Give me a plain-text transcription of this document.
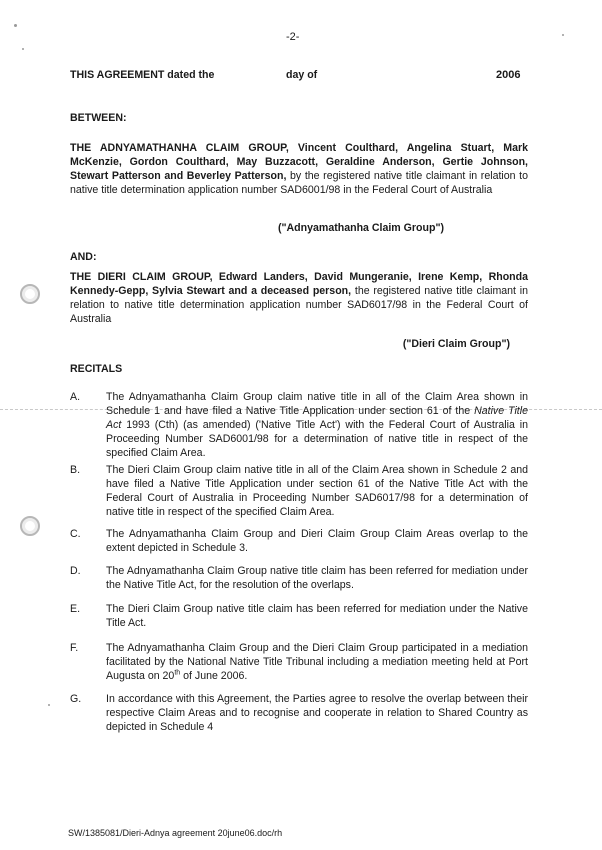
-2-
THIS AGREEMENT dated the	day of	2006
BETWEEN:
THE ADNYAMATHANHA CLAIM GROUP, Vincent Coulthard, Angelina Stuart, Mark McKenzie, Gordon Coulthard, May Buzzacott, Geraldine Anderson, Gertie Johnson, Stewart Patterson and Beverley Patterson, by the registered native title claimant in relation to native title determination application number SAD6001/98 in the Federal Court of Australia
("Adnyamathanha Claim Group")
AND:
THE DIERI CLAIM GROUP, Edward Landers, David Mungeranie, Irene Kemp, Rhonda Kennedy-Gepp, Sylvia Stewart and a deceased person, the registered native title claimant in relation to native title determination application number SAD6017/98 in the Federal Court of Australia
("Dieri Claim Group")
RECITALS
A. The Adnyamathanha Claim Group claim native title in all of the Claim Area shown in Schedule 1 and have filed a Native Title Application under section 61 of the Native Title Act 1993 (Cth) (as amended) ('Native Title Act') with the Federal Court of Australia in Proceeding Number SAD6001/98 for a determination of native title in respect of the specified Claim Area.
B. The Dieri Claim Group claim native title in all of the Claim Area shown in Schedule 2 and have filed a Native Title Application under section 61 of the Native Title Act with the Federal Court of Australia in Proceeding Number SAD6017/98 for a determination of native title in respect of the specified Claim Area.
C. The Adnyamathanha Claim Group and Dieri Claim Group Claim Areas overlap to the extent depicted in Schedule 3.
D. The Adnyamathanha Claim Group native title claim has been referred for mediation under the Native Title Act, for the resolution of the overlaps.
E. The Dieri Claim Group native title claim has been referred for mediation under the Native Title Act.
F.	The Adnyamathanha Claim Group and the Dieri Claim Group participated in a mediation facilitated by the National Native Title Tribunal including a mediation meeting held at Port Augusta on 20th of June 2006.
G. In accordance with this Agreement, the Parties agree to resolve the overlap between their respective Claim Areas and to recognise and cooperate in relation to Shared Country as depicted in Schedule 4
SW/1385081/Dieri-Adnya agreement 20june06.doc/rh
